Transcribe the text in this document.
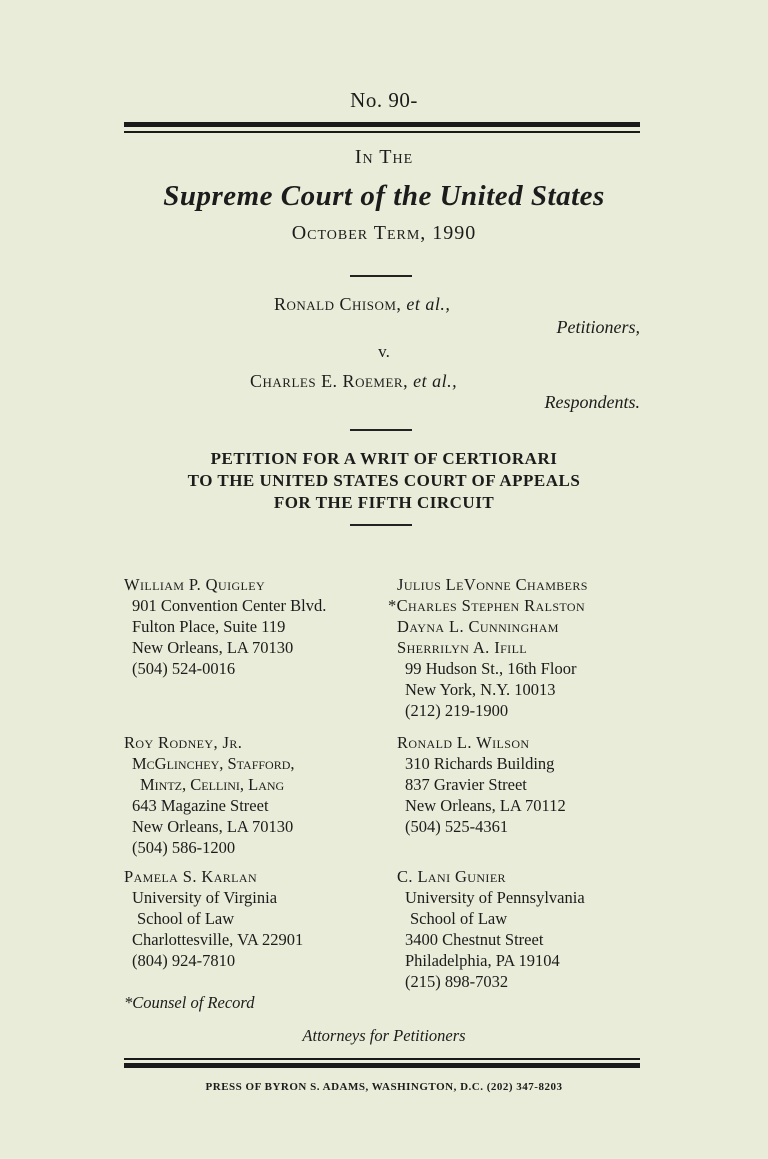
No. 90-
In The
Supreme Court of the United States
October Term, 1990
Ronald Chisom, et al.,
Petitioners,
v.
Charles E. Roemer, et al.,
Respondents.
PETITION FOR A WRIT OF CERTIORARI
TO THE UNITED STATES COURT OF APPEALS
FOR THE FIFTH CIRCUIT
William P. Quigley
901 Convention Center Blvd.
Fulton Place, Suite 119
New Orleans, LA 70130
(504) 524-0016
Roy Rodney, Jr.
McGlinchey, Stafford,
Mintz, Cellini, Lang
643 Magazine Street
New Orleans, LA 70130
(504) 586-1200
Pamela S. Karlan
University of Virginia
School of Law
Charlottesville, VA 22901
(804) 924-7810
Julius LeVonne Chambers
*Charles Stephen Ralston
Dayna L. Cunningham
Sherrilyn A. Ifill
99 Hudson St., 16th Floor
New York, N.Y. 10013
(212) 219-1900
Ronald L. Wilson
310 Richards Building
837 Gravier Street
New Orleans, LA 70112
(504) 525-4361
C. Lani Gunier
University of Pennsylvania
School of Law
3400 Chestnut Street
Philadelphia, PA 19104
(215) 898-7032
*Counsel of Record
Attorneys for Petitioners
PRESS OF BYRON S. ADAMS, WASHINGTON, D.C. (202) 347-8203
